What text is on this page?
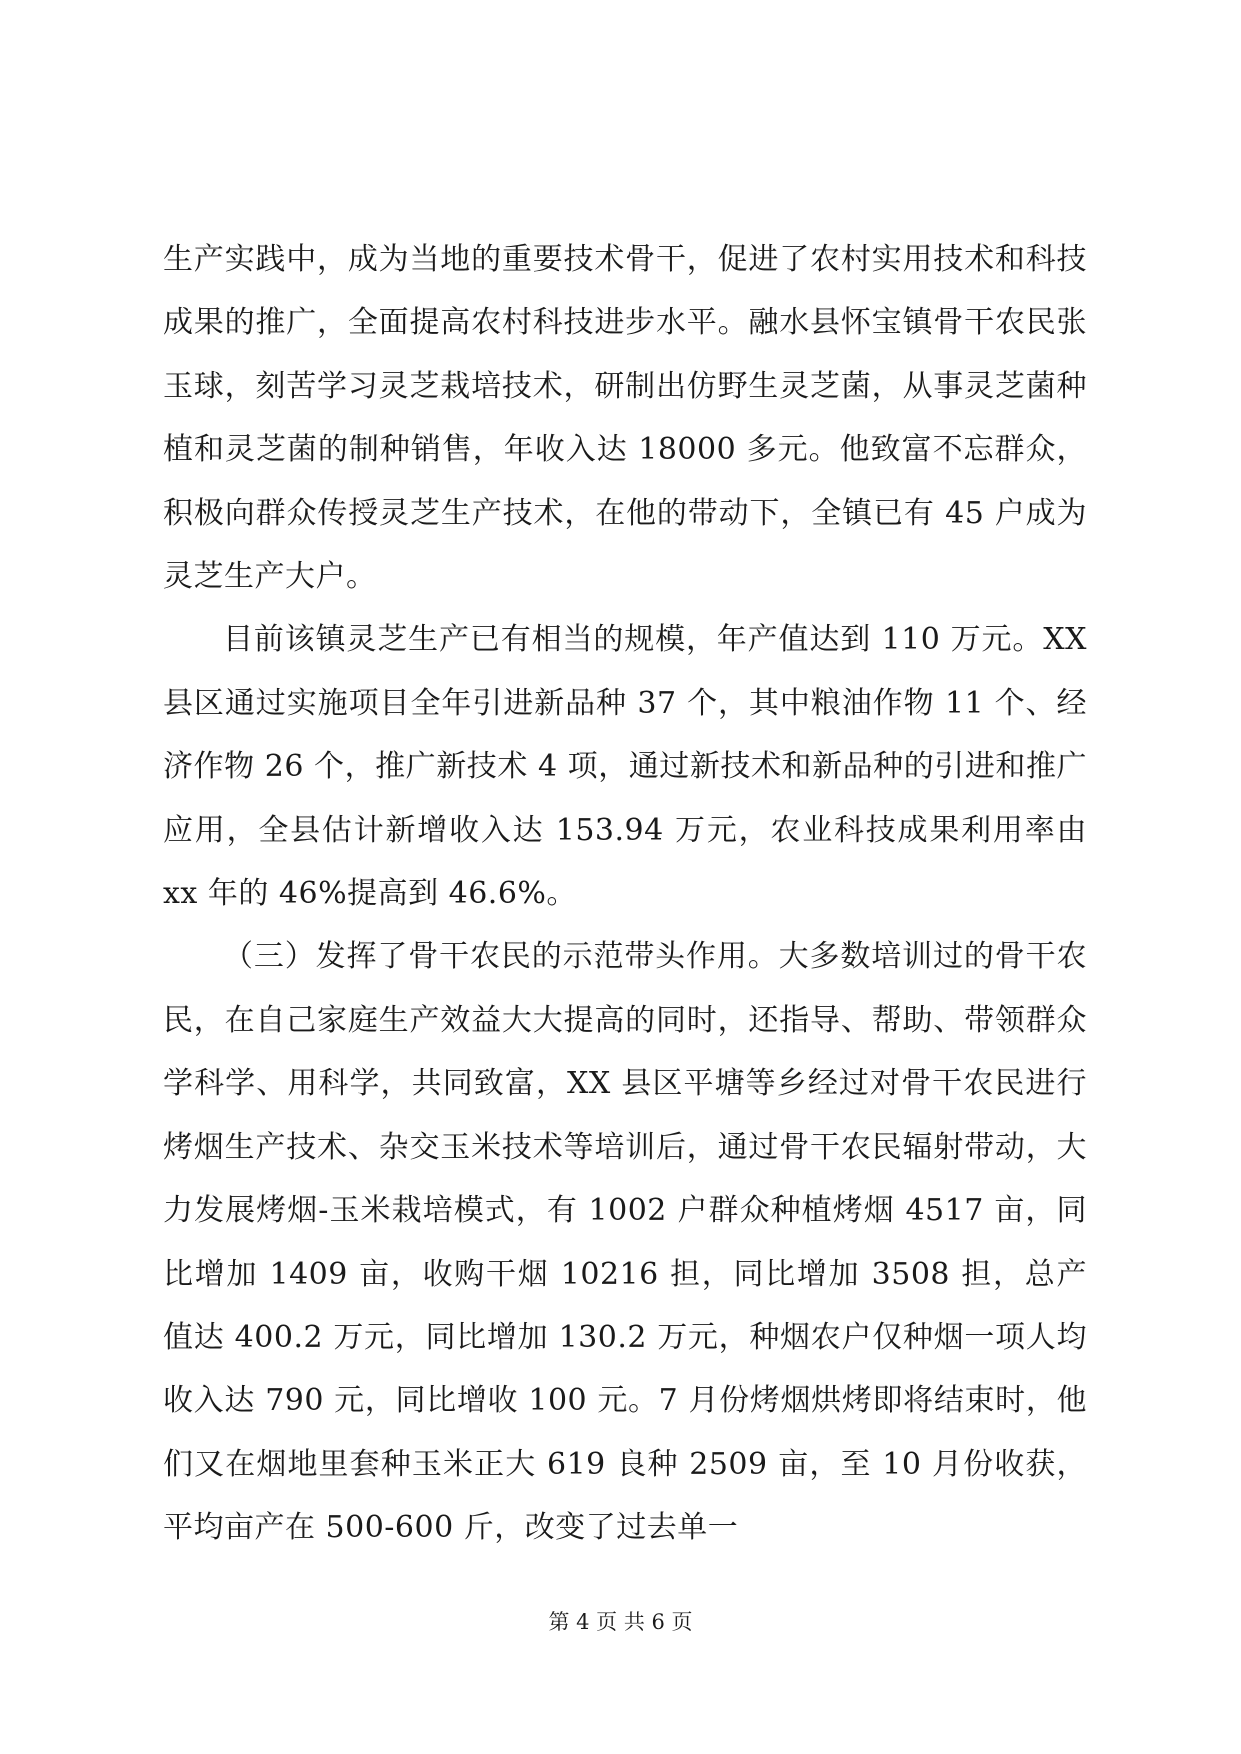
生产实践中，成为当地的重要技术骨干，促进了农村实用技术和科技成果的推广，全面提高农村科技进步水平。融水县怀宝镇骨干农民张玉球，刻苦学习灵芝栽培技术，研制出仿野生灵芝菌，从事灵芝菌种植和灵芝菌的制种销售，年收入达 18000 多元。他致富不忘群众，积极向群众传授灵芝生产技术，在他的带动下，全镇已有 45 户成为灵芝生产大户。

目前该镇灵芝生产已有相当的规模，年产值达到 110 万元。XX 县区通过实施项目全年引进新品种 37 个，其中粮油作物 11 个、经济作物 26 个，推广新技术 4 项，通过新技术和新品种的引进和推广应用，全县估计新增收入达 153.94 万元，农业科技成果利用率由 xx 年的 46%提高到 46.6%。

（三）发挥了骨干农民的示范带头作用。大多数培训过的骨干农民，在自己家庭生产效益大大提高的同时，还指导、帮助、带领群众学科学、用科学，共同致富，XX 县区平塘等乡经过对骨干农民进行烤烟生产技术、杂交玉米技术等培训后，通过骨干农民辐射带动，大力发展烤烟-玉米栽培模式，有 1002 户群众种植烤烟 4517 亩，同比增加 1409 亩，收购干烟 10216 担，同比增加 3508 担，总产值达 400.2 万元，同比增加 130.2 万元，种烟农户仅种烟一项人均收入达 790 元，同比增收 100 元。7 月份烤烟烘烤即将结束时，他们又在烟地里套种玉米正大 619 良种 2509 亩，至 10 月份收获，平均亩产在 500-600 斤，改变了过去单一

第 4 页 共 6 页
